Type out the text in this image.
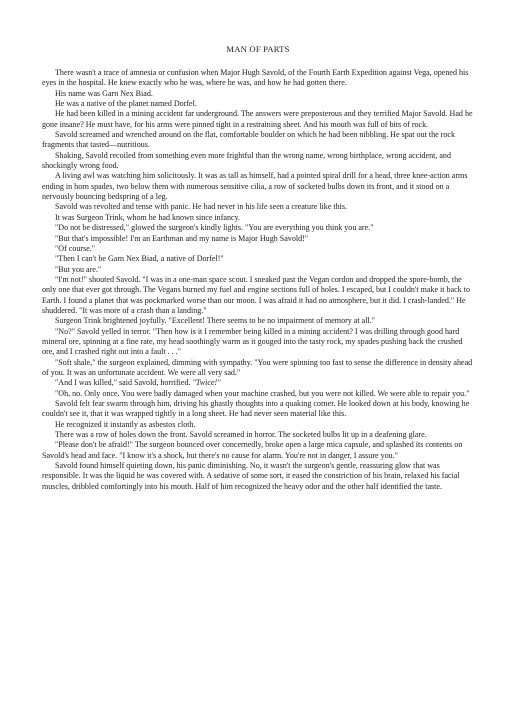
MAN OF PARTS

There wasn't a trace of amnesia or confusion when Major Hugh Savold, of the Fourth Earth Expedition against Vega, opened his eyes in the hospital. He knew exactly who he was, where he was, and how he had gotten there.

His name was Garn Nex Biad.

He was a native of the planet named Dorfel.

He had been killed in a mining accident far underground. The answers were preposterous and they terrified Major Savold. Had he gone insane? He must have, for his arms were pinned tight in a restraining sheet. And his mouth was full of bits of rock.

Savold screamed and wrenched around on the flat, comfortable boulder on which he had been nibbling. He spat out the rock fragments that tasted—nutritious.

Shaking, Savold recoiled from something even more frightful than the wrong name, wrong birthplace, wrong accident, and shockingly wrong food.

A living awl was watching him solicitously. It was as tall as himself, had a pointed spiral drill for a head, three knee-action arms ending in horn spades, two below them with numerous sensitive cilia, a row of socketed bulbs down its front, and it stood on a nervously bouncing bedspring of a leg.

Savold was revolted and tense with panic. He had never in his life seen a creature like this.

It was Surgeon Trink, whom he had known since infancy.

"Do not be distressed," glowed the surgeon's kindly lights. "You are everything you think you are."

"But that's impossible! I'm an Earthman and my name is Major Hugh Savold!"

"Of course."

"Then I can't be Garn Nex Biad, a native of Dorfel!"

"But you are."

"I'm not!" shouted Savold. "I was in a one-man space scout. I sneaked past the Vegan cordon and dropped the spore-bomb, the only one that ever got through. The Vegans burned my fuel and engine sections full of holes. I escaped, but I couldn't make it back to Earth. I found a planet that was pockmarked worse than our moon. I was afraid it had no atmosphere, but it did. I crash-landed." He shuddered. "It was more of a crash than a landing."

Surgeon Trink brightened joyfully. "Excellent! There seems to be no impairment of memory at all."

"No?" Savold yelled in terror. "Then how is it I remember being killed in a mining accident? I was drilling through good hard mineral ore, spinning at a fine rate, my head soothingly warm as it gouged into the tasty rock, my spades pushing back the crushed ore, and I crashed right out into a fault . . ."

"Soft shale," the surgeon explained, dimming with sympathy. "You were spinning too fast to sense the difference in density ahead of you. It was an unfortunate accident. We were all very sad."

"And I was killed," said Savold, horrified. "Twice!"

"Oh, no. Only once. You were badly damaged when your machine crashed, but you were not killed. We were able to repair you."

Savold felt fear swarm through him, driving his ghastly thoughts into a quaking corner. He looked down at his body, knowing he couldn't see it, that it was wrapped tightly in a long sheet. He had never seen material like this.

He recognized it instantly as asbestos cloth.

There was a row of holes down the front. Savold screamed in horror. The socketed bulbs lit up in a deafening glare.

"Please don't be afraid!" The surgeon bounced over concernedly, broke open a large mica capsule, and splashed its contents on Savold's head and face. "I know it's a shock, but there's no cause for alarm. You're not in danger, I assure you."

Savold found himself quieting down, his panic diminishing. No, it wasn't the surgeon's gentle, reassuring glow that was responsible. It was the liquid he was covered with. A sedative of some sort, it eased the constriction of his brain, relaxed his facial muscles, dribbled comfortingly into his mouth. Half of him recognized the heavy odor and the other half identified the taste.
